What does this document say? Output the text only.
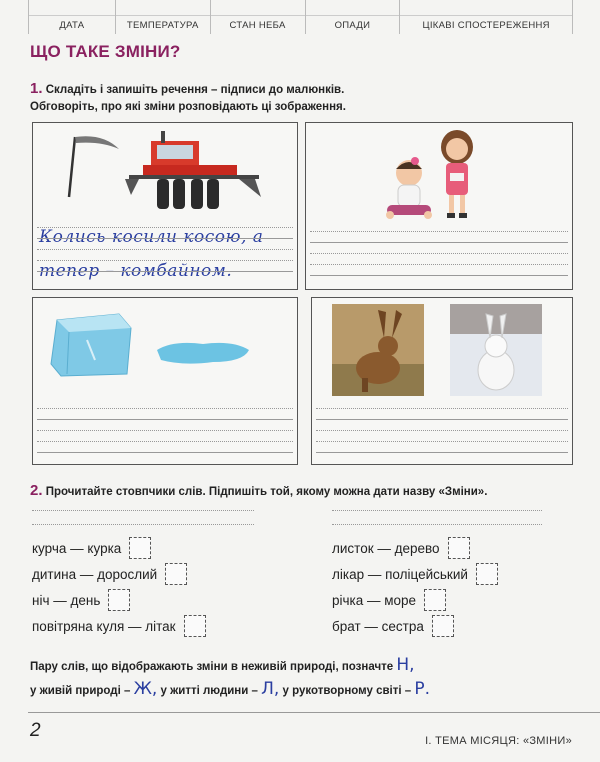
ДАТА	ТЕМПЕРАТУРА	СТАН НЕБА	ОПАДИ	ЦІКАВІ СПОСТЕРЕЖЕННЯ
ЩО ТАКЕ ЗМІНИ?
1. Складіть і запишіть речення – підписи до малюнків.
Обговоріть, про які зміни розповідають ці зображення.
Колись косили косою, а
тепер – комбайном.
2. Прочитайте стовпчики слів. Підпишіть той, якому можна дати назву «Зміни».
курча — курка
дитина — дорослий
ніч — день
повітряна куля — літак
листок — дерево
лікар — поліцейський
річка — море
брат — сестра
Пару слів, що відображають зміни в неживій природі, позначте Н,
у живій природі – Ж, у житті людини – Л, у рукотворному світі – Р.
2	І. ТЕМА МІСЯЦЯ: «ЗМІНИ»
